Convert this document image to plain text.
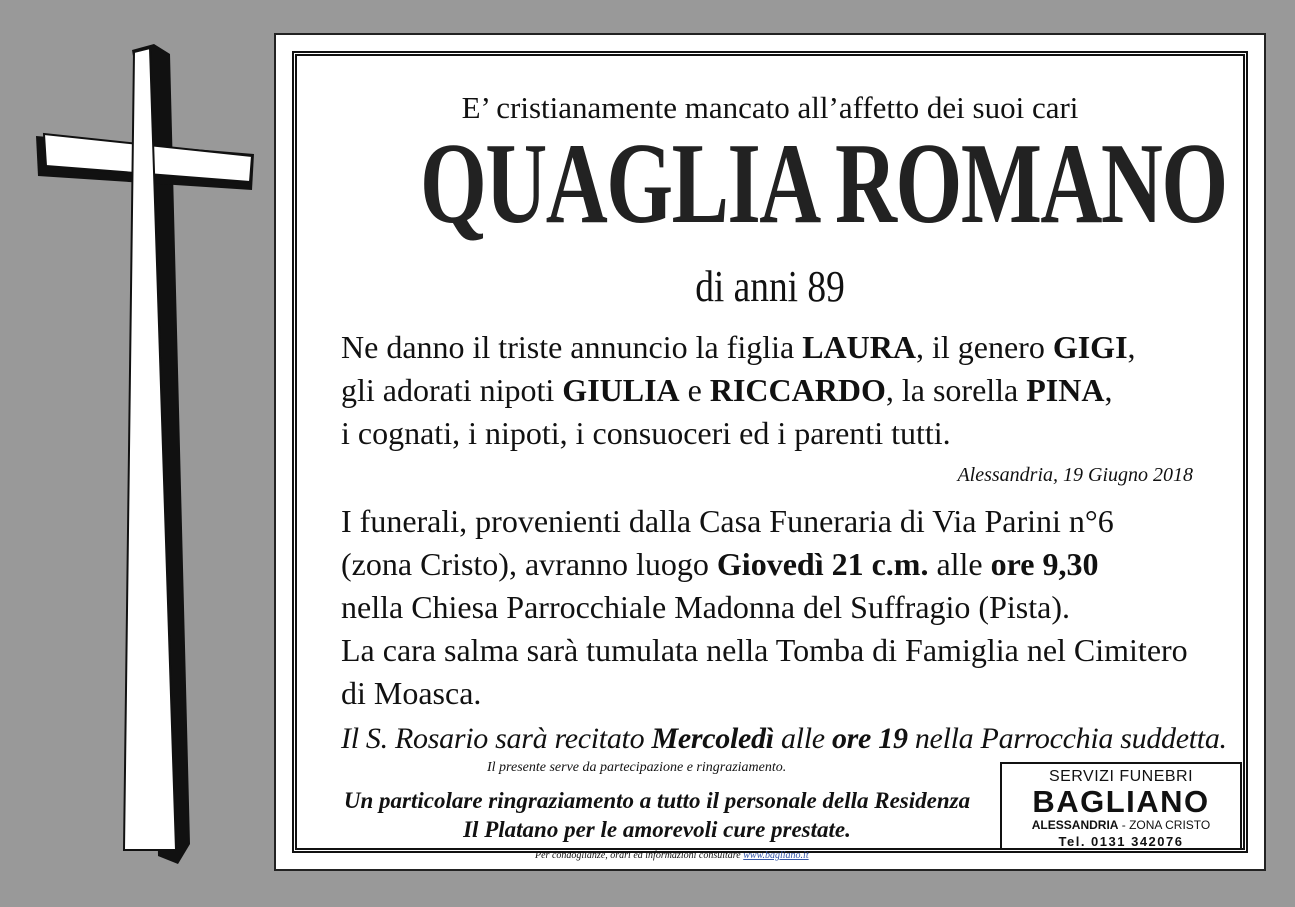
E’ cristianamente mancato all’affetto dei suoi cari
QUAGLIA ROMANO
di anni 89
Ne danno il triste annuncio la figlia LAURA, il genero GIGI,
gli adorati nipoti GIULIA e RICCARDO, la sorella PINA,
i cognati, i nipoti, i consuoceri ed i parenti tutti.
Alessandria, 19 Giugno 2018
I funerali, provenienti dalla Casa Funeraria di Via Parini n°6
(zona Cristo), avranno luogo Giovedì 21 c.m. alle ore 9,30
nella Chiesa Parrocchiale Madonna del Suffragio (Pista).
La cara salma sarà tumulata nella Tomba di Famiglia nel Cimitero
di Moasca.
Il S. Rosario sarà recitato Mercoledì alle ore 19 nella Parrocchia suddetta.
Il presente serve da partecipazione e ringraziamento.
Un particolare ringraziamento a tutto il personale della Residenza
Il Platano per le amorevoli cure prestate.
Per condoglianze, orari ed informazioni consultare www.bagliano.it
SERVIZI FUNEBRI
BAGLIANO
ALESSANDRIA - ZONA CRISTO
Tel. 0131 342076
